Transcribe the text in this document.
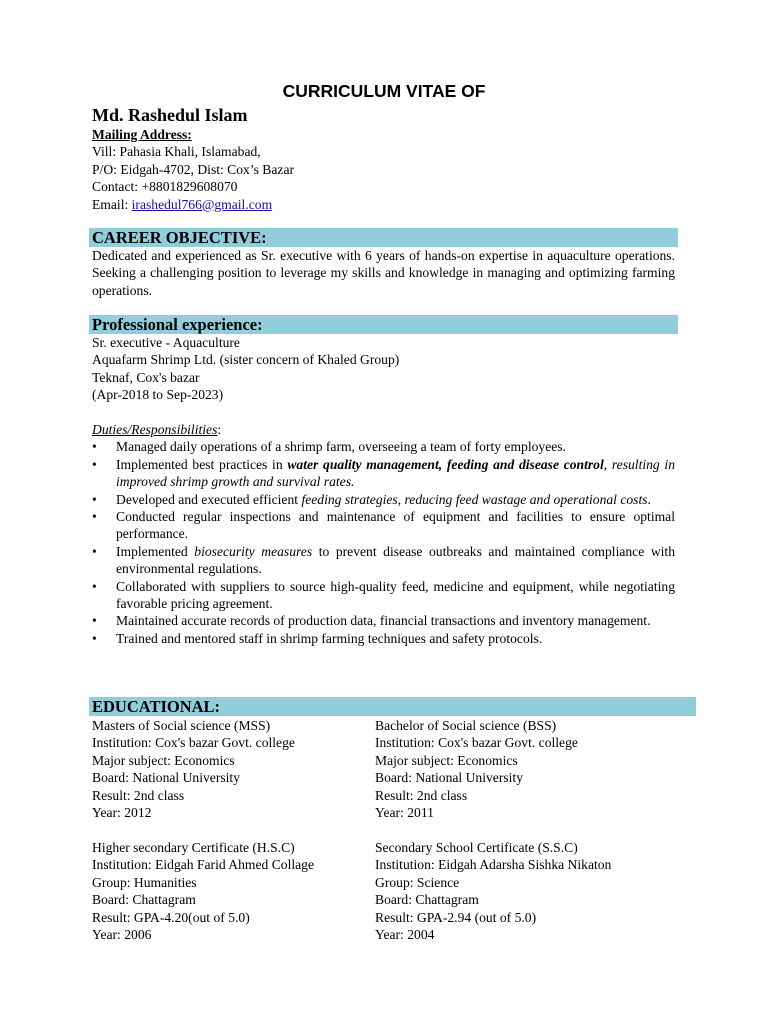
CURRICULUM VITAE OF
Md. Rashedul Islam
Mailing Address:
Vill: Pahasia Khali, Islamabad,
P/O: Eidgah-4702, Dist: Cox’s Bazar
Contact: +8801829608070
Email: irashedul766@gmail.com
CAREER OBJECTIVE:
Dedicated and experienced as Sr. executive with 6 years of hands-on expertise in aquaculture operations. Seeking a challenging position to leverage my skills and knowledge in managing and optimizing farming operations.
Professional experience:
Sr. executive - Aquaculture
Aquafarm Shrimp Ltd. (sister concern of Khaled Group)
Teknaf, Cox's bazar
(Apr-2018 to Sep-2023)
Duties/Responsibilities:
• Managed daily operations of a shrimp farm, overseeing a team of forty employees.
• Implemented best practices in water quality management, feeding and disease control, resulting in improved shrimp growth and survival rates.
• Developed and executed efficient feeding strategies, reducing feed wastage and operational costs.
• Conducted regular inspections and maintenance of equipment and facilities to ensure optimal performance.
• Implemented biosecurity measures to prevent disease outbreaks and maintained compliance with environmental regulations.
• Collaborated with suppliers to source high-quality feed, medicine and equipment, while negotiating favorable pricing agreement.
• Maintained accurate records of production data, financial transactions and inventory management.
• Trained and mentored staff in shrimp farming techniques and safety protocols.
EDUCATIONAL:
Masters of Social science (MSS)
Institution: Cox's bazar Govt. college
Major subject: Economics
Board: National University
Result: 2nd class
Year: 2012
Bachelor of Social science (BSS)
Institution: Cox's bazar Govt. college
Major subject: Economics
Board: National University
Result: 2nd class
Year: 2011
Higher secondary Certificate (H.S.C)
Institution: Eidgah Farid Ahmed Collage
Group: Humanities
Board: Chattagram
Result: GPA-4.20(out of 5.0)
Year: 2006
Secondary School Certificate (S.S.C)
Institution: Eidgah Adarsha Sishka Nikaton
Group: Science
Board: Chattagram
Result: GPA-2.94 (out of 5.0)
Year: 2004
